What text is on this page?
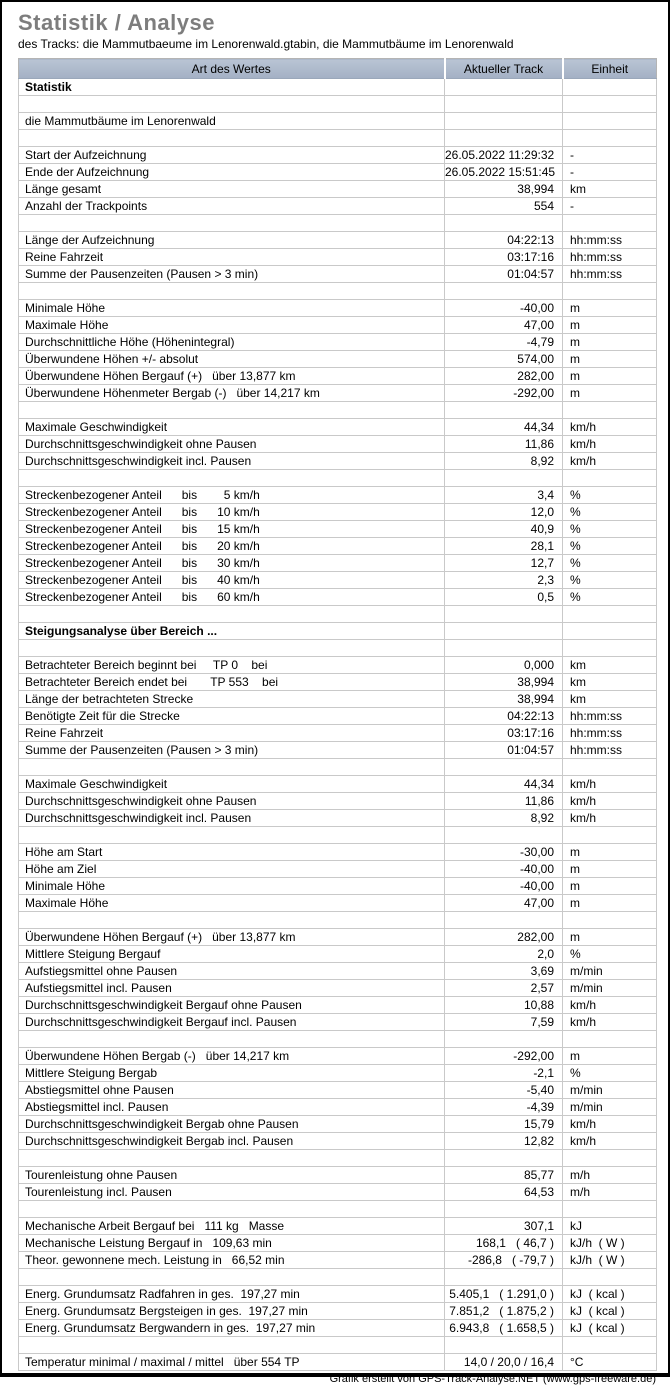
Statistik / Analyse
des Tracks: die Mammutbaeume im Lenorenwald.gtabin, die Mammutbäume im Lenorenwald
Art des Wertes	Aktueller Track	Einheit
Statistik		

die Mammutbäume im Lenorenwald		

Start der Aufzeichnung	26.05.2022 11:29:32	-
Ende der Aufzeichnung	26.05.2022 15:51:45	-
Länge gesamt	38,994	km
Anzahl der Trackpoints	554	-

Länge der Aufzeichnung	04:22:13	hh:mm:ss
Reine Fahrzeit	03:17:16	hh:mm:ss
Summe der Pausenzeiten (Pausen > 3 min)	01:04:57	hh:mm:ss

Minimale Höhe	-40,00	m
Maximale Höhe	47,00	m
Durchschnittliche Höhe (Höhenintegral)	-4,79	m
Überwundene Höhen +/- absolut	574,00	m
Überwundene Höhen Bergauf (+)   über 13,877 km	282,00	m
Überwundene Höhenmeter Bergab (-)   über 14,217 km	-292,00	m

Maximale Geschwindigkeit	44,34	km/h
Durchschnittsgeschwindigkeit ohne Pausen	11,86	km/h
Durchschnittsgeschwindigkeit incl. Pausen	8,92	km/h

Streckenbezogener Anteil      bis        5 km/h	3,4	%
Streckenbezogener Anteil      bis      10 km/h	12,0	%
Streckenbezogener Anteil      bis      15 km/h	40,9	%
Streckenbezogener Anteil      bis      20 km/h	28,1	%
Streckenbezogener Anteil      bis      30 km/h	12,7	%
Streckenbezogener Anteil      bis      40 km/h	2,3	%
Streckenbezogener Anteil      bis      60 km/h	0,5	%

Steigungsanalyse über Bereich ...		

Betrachteter Bereich beginnt bei     TP 0    bei	0,000	km
Betrachteter Bereich endet bei       TP 553    bei	38,994	km
Länge der betrachteten Strecke	38,994	km
Benötigte Zeit für die Strecke	04:22:13	hh:mm:ss
Reine Fahrzeit	03:17:16	hh:mm:ss
Summe der Pausenzeiten (Pausen > 3 min)	01:04:57	hh:mm:ss

Maximale Geschwindigkeit	44,34	km/h
Durchschnittsgeschwindigkeit ohne Pausen	11,86	km/h
Durchschnittsgeschwindigkeit incl. Pausen	8,92	km/h

Höhe am Start	-30,00	m
Höhe am Ziel	-40,00	m
Minimale Höhe	-40,00	m
Maximale Höhe	47,00	m

Überwundene Höhen Bergauf (+)   über 13,877 km	282,00	m
Mittlere Steigung Bergauf	2,0	%
Aufstiegsmittel ohne Pausen	3,69	m/min
Aufstiegsmittel incl. Pausen	2,57	m/min
Durchschnittsgeschwindigkeit Bergauf ohne Pausen	10,88	km/h
Durchschnittsgeschwindigkeit Bergauf incl. Pausen	7,59	km/h

Überwundene Höhen Bergab (-)   über 14,217 km	-292,00	m
Mittlere Steigung Bergab	-2,1	%
Abstiegsmittel ohne Pausen	-5,40	m/min
Abstiegsmittel incl. Pausen	-4,39	m/min
Durchschnittsgeschwindigkeit Bergab ohne Pausen	15,79	km/h
Durchschnittsgeschwindigkeit Bergab incl. Pausen	12,82	km/h

Tourenleistung ohne Pausen	85,77	m/h
Tourenleistung incl. Pausen	64,53	m/h

Mechanische Arbeit Bergauf bei   111 kg   Masse	307,1	kJ
Mechanische Leistung Bergauf in   109,63 min	168,1   ( 46,7 )	kJ/h  ( W )
Theor. gewonnene mech. Leistung in   66,52 min	-286,8   ( -79,7 )	kJ/h  ( W )

Energ. Grundumsatz Radfahren in ges.  197,27 min	5.405,1   ( 1.291,0 )	kJ  ( kcal )
Energ. Grundumsatz Bergsteigen in ges.  197,27 min	7.851,2   ( 1.875,2 )	kJ  ( kcal )
Energ. Grundumsatz Bergwandern in ges.  197,27 min	6.943,8   ( 1.658,5 )	kJ  ( kcal )

Temperatur minimal / maximal / mittel   über 554 TP	14,0 / 20,0 / 16,4	°C
Grafik erstellt von GPS-Track-Analyse.NET (www.gps-freeware.de)
